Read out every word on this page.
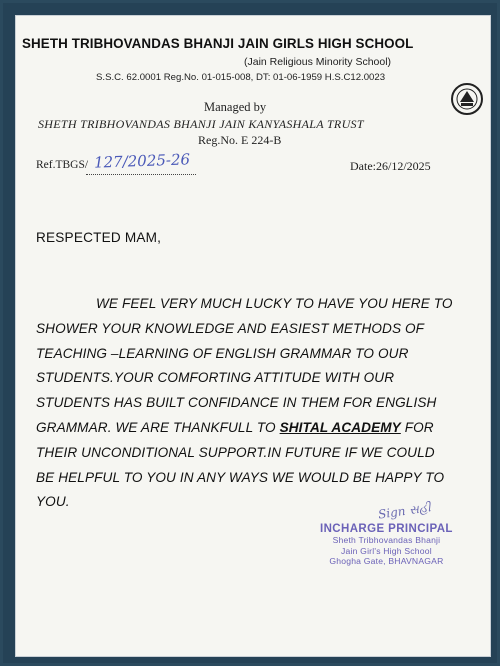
SHETH TRIBHOVANDAS BHANJI JAIN GIRLS HIGH SCHOOL
(Jain Religious Minority School)
S.S.C. 62.0001 Reg.No. 01-015-008, DT: 01-06-1959 H.S.C12.0023
Managed by
SHETH TRIBHOVANDAS BHANJI JAIN KANYASHALA TRUST
Reg.No. E 224-B
Ref.TBGS/ 127/2025-26	Date:26/12/2025
RESPECTED MAM,
WE FEEL VERY MUCH LUCKY TO HAVE YOU HERE TO
SHOWER YOUR KNOWLEDGE AND EASIEST METHODS OF
TEACHING –LEARNING OF ENGLISH GRAMMAR TO OUR
STUDENTS.YOUR COMFORTING ATTITUDE WITH OUR
STUDENTS HAS BUILT CONFIDANCE IN THEM FOR ENGLISH
GRAMMAR. WE ARE THANKFULL TO SHITAL ACADEMY FOR
THEIR UNCONDITIONAL SUPPORT.IN FUTURE IF WE COULD
BE HELPFUL TO YOU IN ANY WAYS WE WOULD BE HAPPY TO
YOU.	Sign સહી
INCHARGE PRINCIPAL
Sheth Tribhovandas Bhanji
Jain Girl's High School
Ghogha Gate, BHAVNAGAR
